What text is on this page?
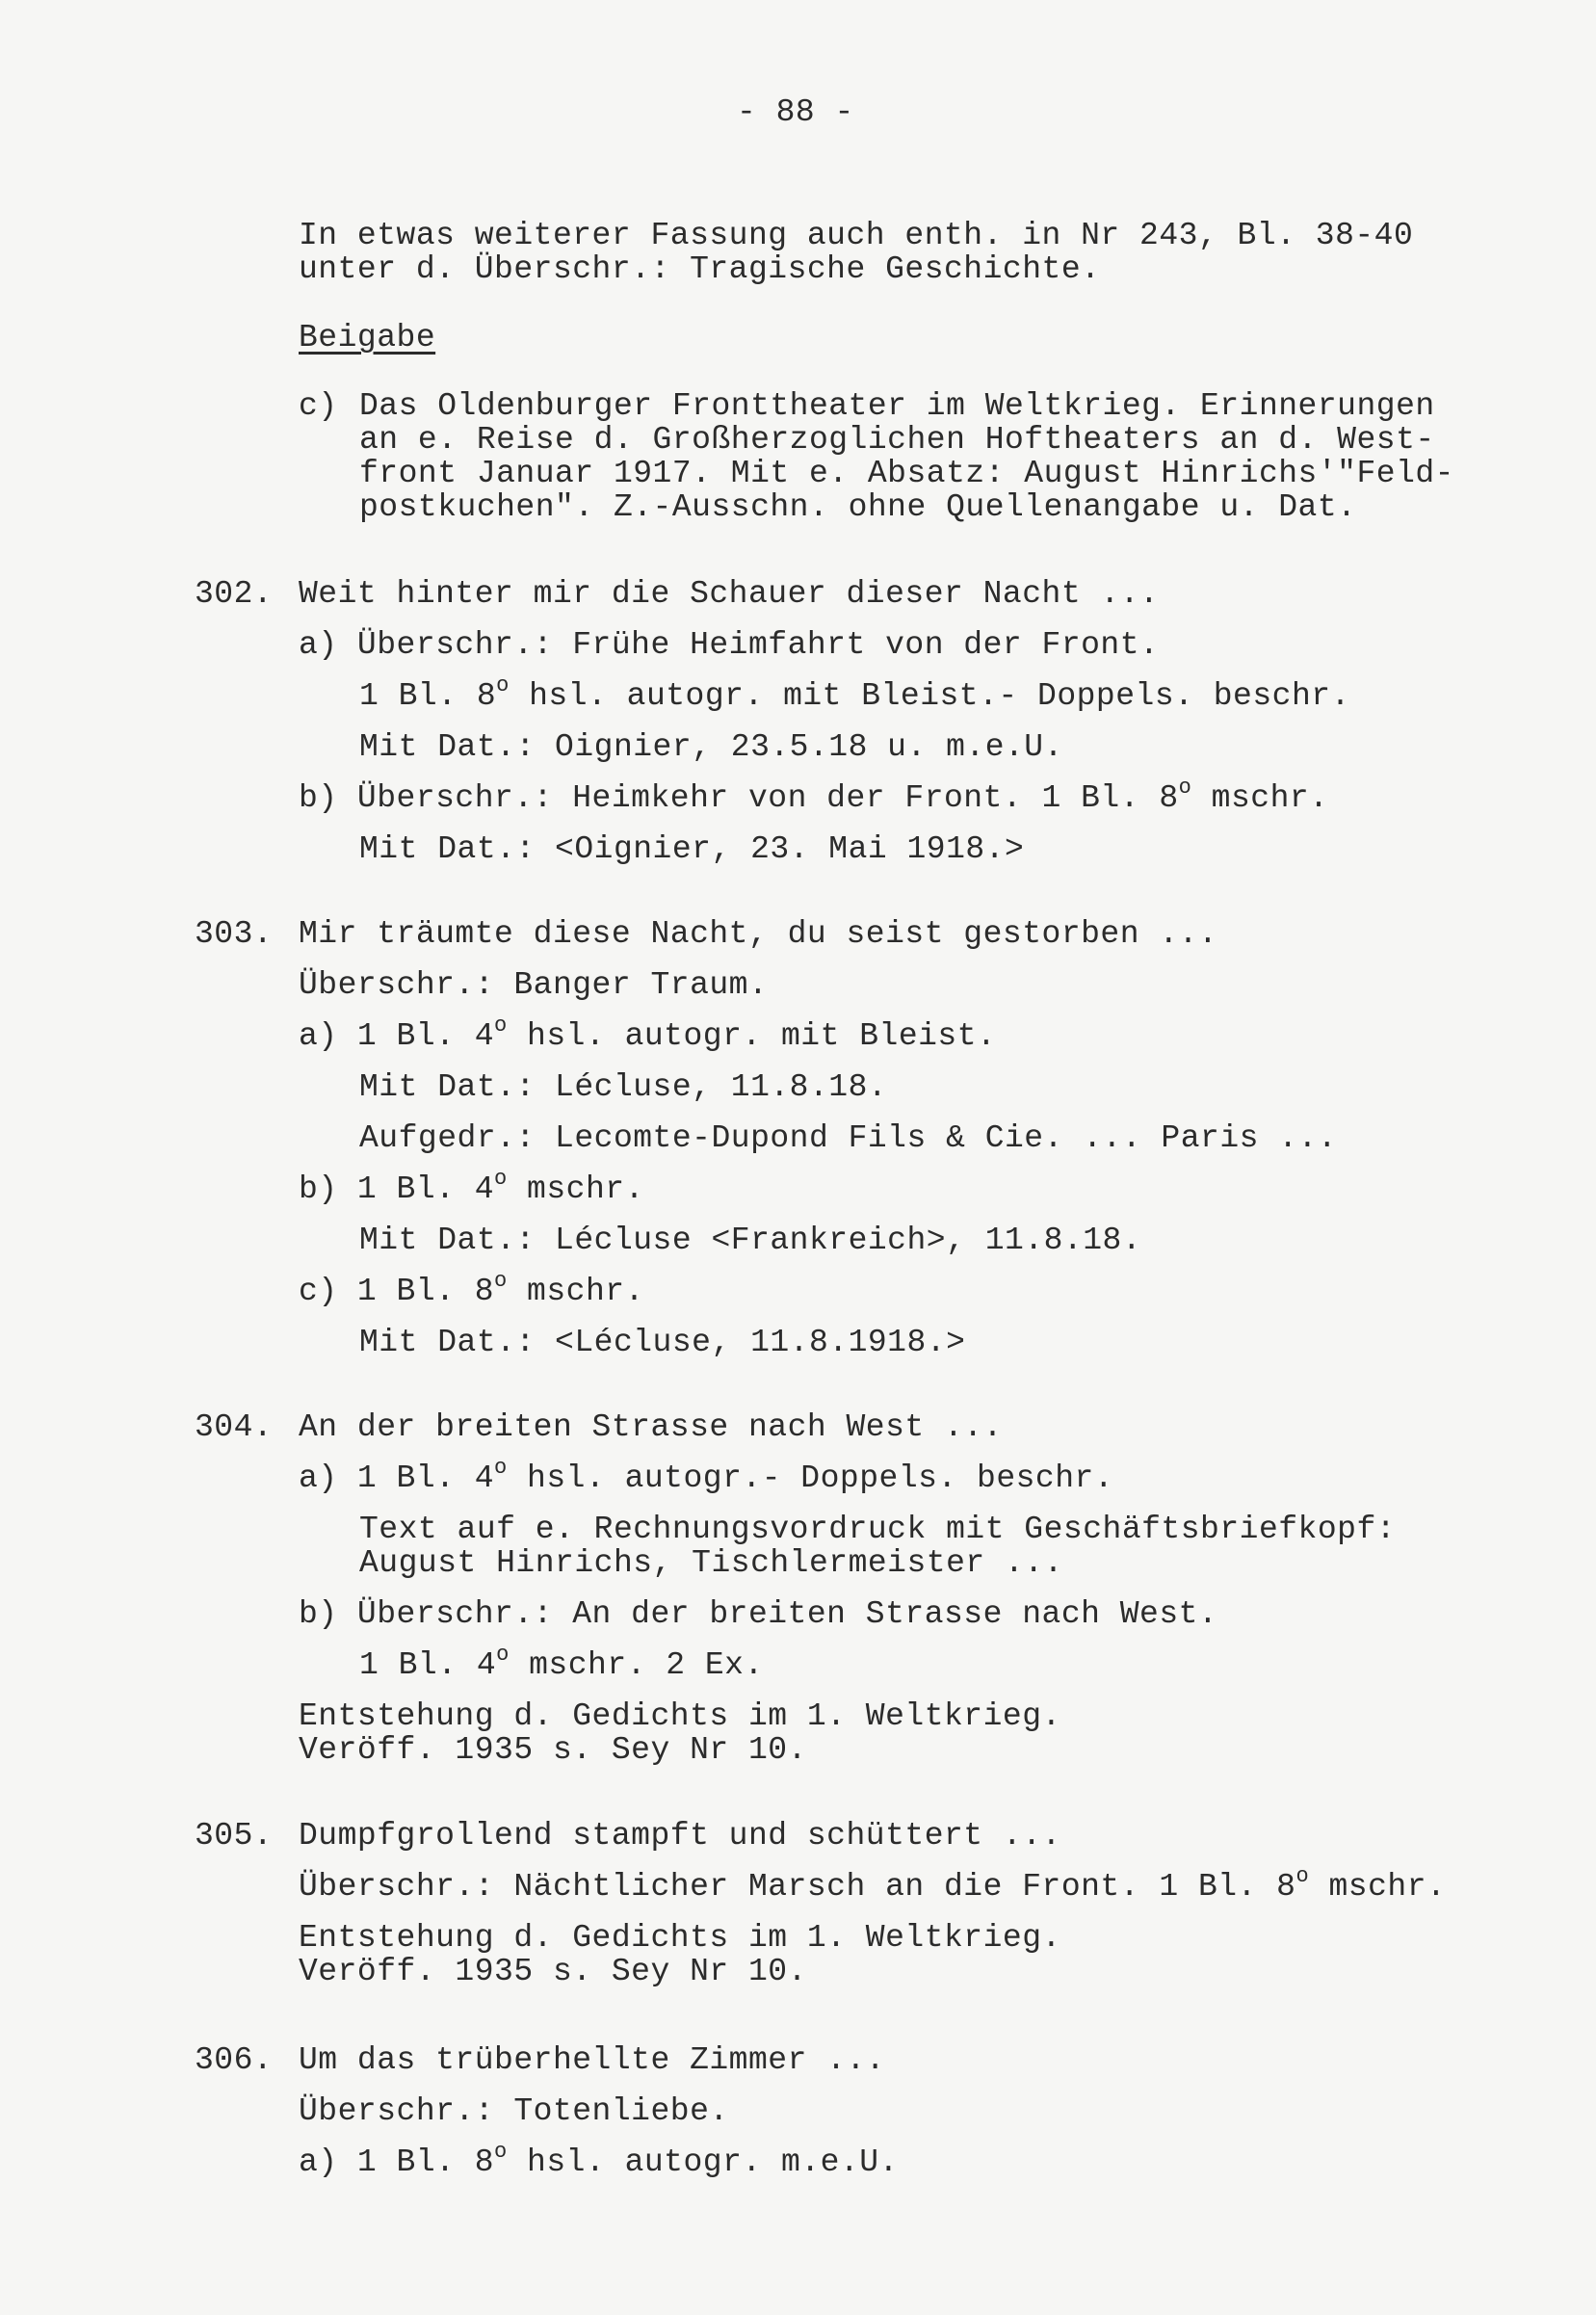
- 88 -
In etwas weiterer Fassung auch enth. in Nr 243, Bl. 38-40
unter d. Überschr.: Tragische Geschichte.
Beigabe
c) Das Oldenburger Fronttheater im Weltkrieg. Erinnerungen
an e. Reise d. Großherzoglichen Hoftheaters an d. West-
front Januar 1917. Mit e. Absatz: August Hinrichs'"Feld-
postkuchen". Z.-Ausschn. ohne Quellenangabe u. Dat.
302. Weit hinter mir die Schauer dieser Nacht ...
a) Überschr.: Frühe Heimfahrt von der Front.
1 Bl. 8$^o$ hsl. autogr. mit Bleist.- Doppels. beschr.
Mit Dat.: Oignier, 23.5.18 u. m.e.U.
b) Überschr.: Heimkehr von der Front. 1 Bl. 8$^o$ mschr.
Mit Dat.: <Oignier, 23. Mai 1918.>
303. Mir träumte diese Nacht, du seist gestorben ...
Überschr.: Banger Traum.
a) 1 Bl. 4$^o$ hsl. autogr. mit Bleist.
Mit Dat.: Lécluse, 11.8.18.
Aufgedr.: Lecomte-Dupond Fils & Cie. ... Paris ...
b) 1 Bl. 4$^o$ mschr.
Mit Dat.: Lécluse <Frankreich>, 11.8.18.
c) 1 Bl. 8$^o$ mschr.
Mit Dat.: <Lécluse, 11.8.1918.>
304. An der breiten Strasse nach West ...
a) 1 Bl. 4$^o$ hsl. autogr.- Doppels. beschr.
Text auf e. Rechnungsvordruck mit Geschäftsbriefkopf:
August Hinrichs, Tischlermeister ...
b) Überschr.: An der breiten Strasse nach West.
1 Bl. 4$^o$ mschr. 2 Ex.
Entstehung d. Gedichts im 1. Weltkrieg.
Veröff. 1935 s. Sey Nr 10.
305. Dumpfgrollend stampft und schüttert ...
Überschr.: Nächtlicher Marsch an die Front. 1 Bl. 8$^o$ mschr.
Entstehung d. Gedichts im 1. Weltkrieg.
Veröff. 1935 s. Sey Nr 10.
306. Um das trüberhellte Zimmer ...
Überschr.: Totenliebe.
a) 1 Bl. 8$^o$ hsl. autogr. m.e.U.
